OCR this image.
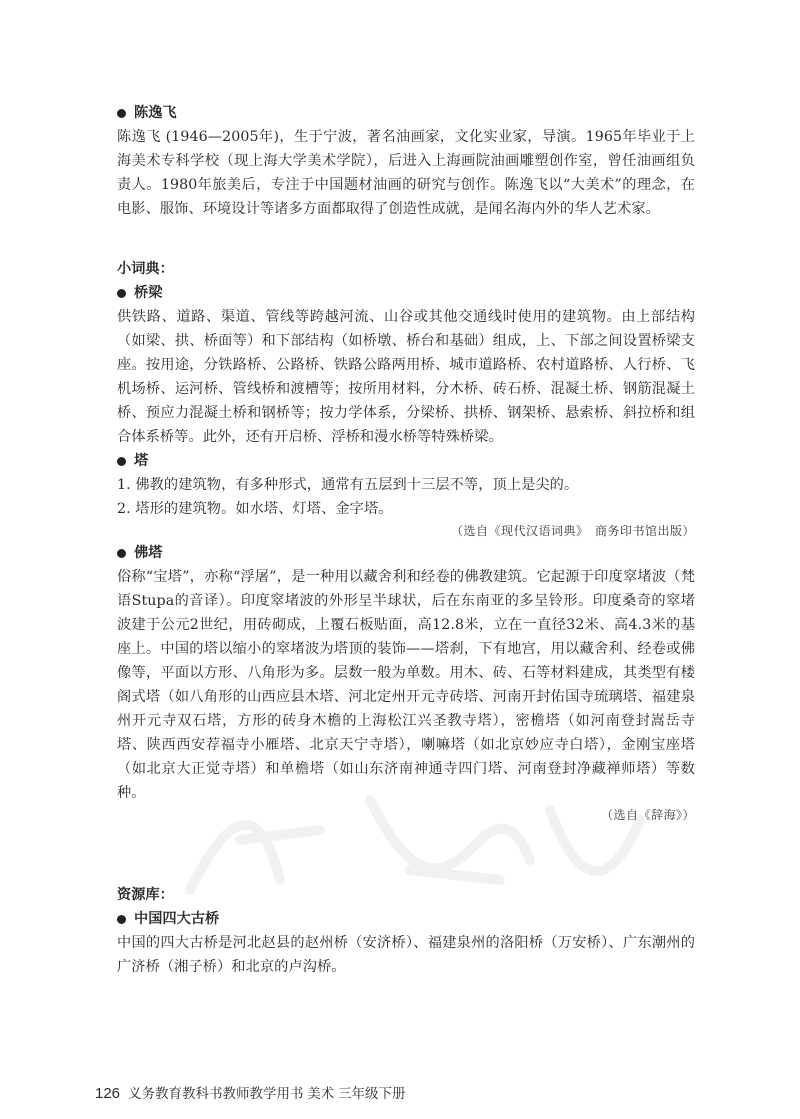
陈逸飞

陈逸飞 (1946—2005年)，生于宁波，著名油画家，文化实业家，导演。1965年毕业于上海美术专科学校（现上海大学美术学院），后进入上海画院油画雕塑创作室，曾任油画组负责人。1980年旅美后，专注于中国题材油画的研究与创作。陈逸飞以“大美术”的理念，在电影、服饰、环境设计等诸多方面都取得了创造性成就，是闻名海内外的华人艺术家。

小词典：

桥梁

供铁路、道路、渠道、管线等跨越河流、山谷或其他交通线时使用的建筑物。由上部结构（如梁、拱、桥面等）和下部结构（如桥墩、桥台和基础）组成，上、下部之间设置桥梁支座。按用途，分铁路桥、公路桥、铁路公路两用桥、城市道路桥、农村道路桥、人行桥、飞机场桥、运河桥、管线桥和渡槽等；按所用材料，分木桥、砖石桥、混凝土桥、钢筋混凝土桥、预应力混凝土桥和钢桥等；按力学体系，分梁桥、拱桥、钢架桥、悬索桥、斜拉桥和组合体系桥等。此外，还有开启桥、浮桥和漫水桥等特殊桥梁。

塔

1. 佛教的建筑物，有多种形式，通常有五层到十三层不等，顶上是尖的。

2. 塔形的建筑物。如水塔、灯塔、金字塔。

（选自《现代汉语词典》　商务印书馆出版）

佛塔

俗称“宝塔”，亦称“浮屠”，是一种用以藏舍利和经卷的佛教建筑。它起源于印度窣堵波（梵语Stupa的音译）。印度窣堵波的外形呈半球状，后在东南亚的多呈铃形。印度桑奇的窣堵波建于公元2世纪，用砖砌成，上覆石板贴面，高12.8米，立在一直径32米、高4.3米的基座上。中国的塔以缩小的窣堵波为塔顶的装饰——塔刹，下有地宫，用以藏舍利、经卷或佛像等，平面以方形、八角形为多。层数一般为单数。用木、砖、石等材料建成，其类型有楼阁式塔（如八角形的山西应县木塔、河北定州开元寺砖塔、河南开封佑国寺琉璃塔、福建泉州开元寺双石塔，方形的砖身木檐的上海松江兴圣教寺塔），密檐塔（如河南登封嵩岳寺塔、陕西西安荐福寺小雁塔、北京天宁寺塔），喇嘛塔（如北京妙应寺白塔），金刚宝座塔（如北京大正觉寺塔）和单檐塔（如山东济南神通寺四门塔、河南登封净藏禅师塔）等数种。

（选自《辞海》）

资源库：

中国四大古桥

中国的四大古桥是河北赵县的赵州桥（安济桥）、福建泉州的洛阳桥（万安桥）、广东潮州的广济桥（湘子桥）和北京的卢沟桥。

126 义务教育教科书教师教学用书 美术 三年级下册
